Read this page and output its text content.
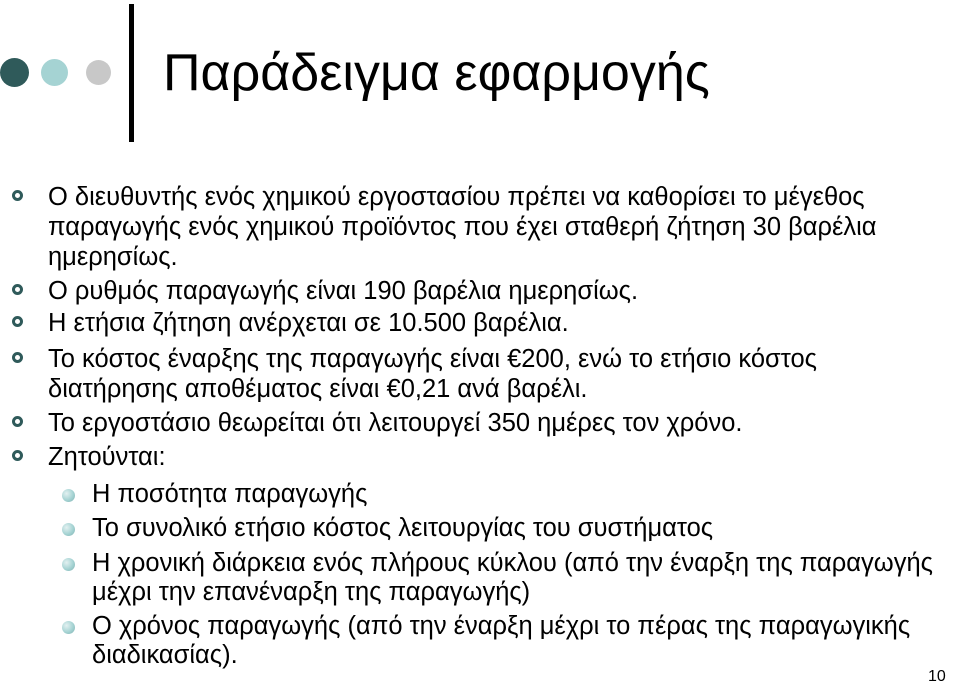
Παράδειγμα εφαρμογής
Ο διευθυντής ενός χημικού εργοστασίου πρέπει να καθορίσει το μέγεθος παραγωγής ενός χημικού προϊόντος που έχει σταθερή ζήτηση 30 βαρέλια ημερησίως.
Ο ρυθμός παραγωγής είναι 190 βαρέλια ημερησίως.
Η ετήσια ζήτηση ανέρχεται σε 10.500 βαρέλια.
Το κόστος έναρξης της παραγωγής είναι €200, ενώ το ετήσιο κόστος διατήρησης αποθέματος είναι €0,21 ανά βαρέλι.
Το εργοστάσιο θεωρείται ότι λειτουργεί 350 ημέρες τον χρόνο.
Ζητούνται:
Η ποσότητα παραγωγής
Το συνολικό ετήσιο κόστος λειτουργίας του συστήματος
Η χρονική διάρκεια ενός πλήρους κύκλου (από την έναρξη της παραγωγής μέχρι την επανέναρξη της παραγωγής)
Ο χρόνος παραγωγής (από την έναρξη μέχρι το πέρας της παραγωγικής διαδικασίας).
10
